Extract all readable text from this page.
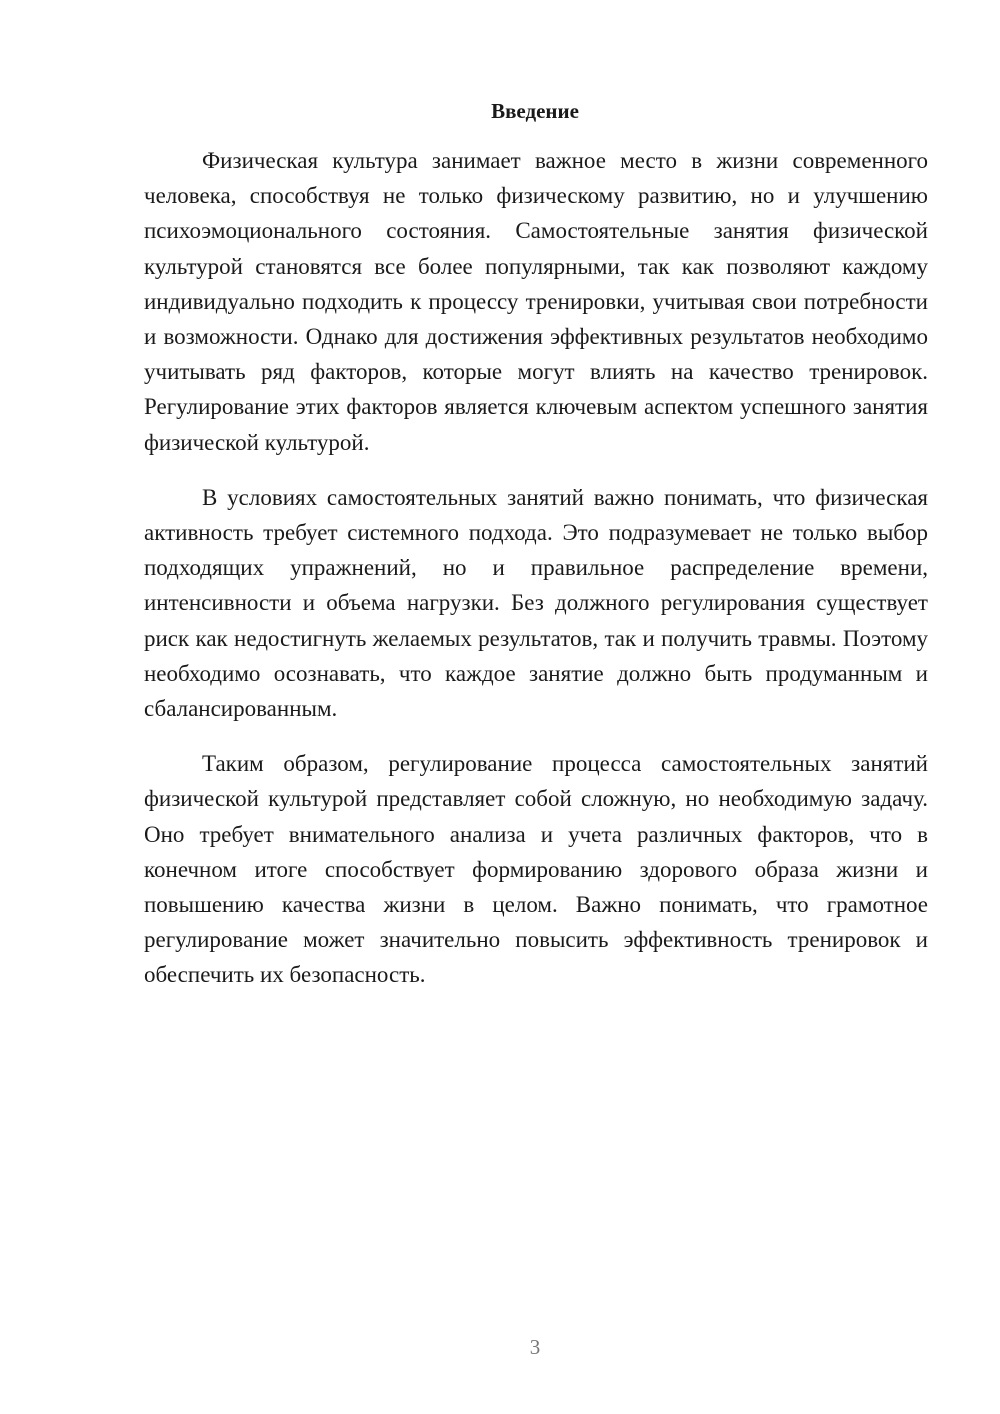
Введение

Физическая культура занимает важное место в жизни современного человека, способствуя не только физическому развитию, но и улучшению психоэмоционального состояния. Самостоятельные занятия физической культурой становятся все более популярными, так как позволяют каждому индивидуально подходить к процессу тренировки, учитывая свои потребности и возможности. Однако для достижения эффективных результатов необходимо учитывать ряд факторов, которые могут влиять на качество тренировок. Регулирование этих факторов является ключевым аспектом успешного занятия физической культурой.

В условиях самостоятельных занятий важно понимать, что физическая активность требует системного подхода. Это подразумевает не только выбор подходящих упражнений, но и правильное распределение времени, интенсивности и объема нагрузки. Без должного регулирования существует риск как недостигнуть желаемых результатов, так и получить травмы. Поэтому необходимо осознавать, что каждое занятие должно быть продуманным и сбалансированным.

Таким образом, регулирование процесса самостоятельных занятий физической культурой представляет собой сложную, но необходимую задачу. Оно требует внимательного анализа и учета различных факторов, что в конечном итоге способствует формированию здорового образа жизни и повышению качества жизни в целом. Важно понимать, что грамотное регулирование может значительно повысить эффективность тренировок и обеспечить их безопасность.

3
